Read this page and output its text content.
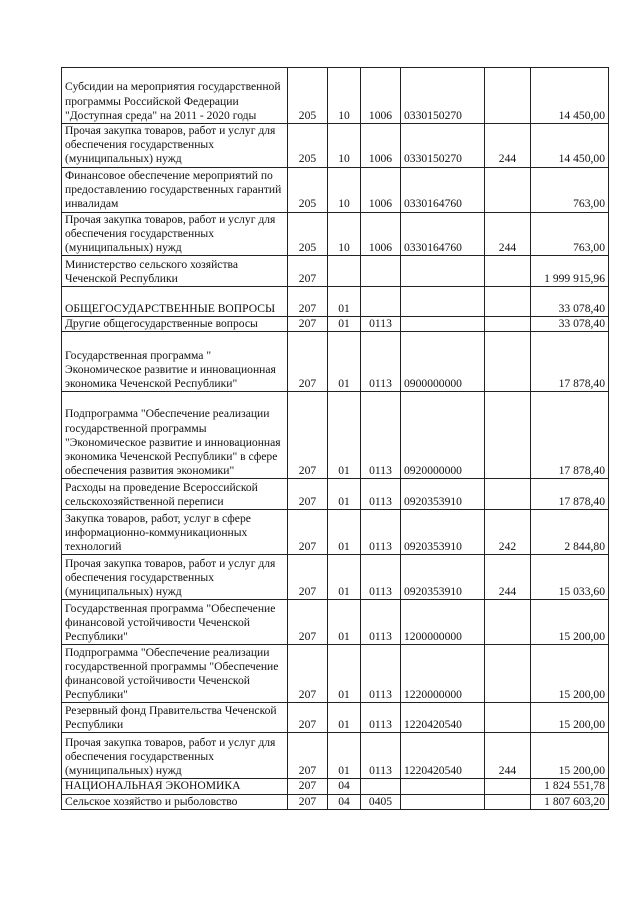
Субсидии на мероприятия государственной программы Российской Федерации "Доступная среда" на 2011 - 2020 годы	205	10	1006	0330150270		14 450,00
Прочая закупка товаров, работ и услуг для обеспечения государственных (муниципальных) нужд	205	10	1006	0330150270	244	14 450,00
Финансовое обеспечение мероприятий по предоставлению государственных гарантий инвалидам	205	10	1006	0330164760		763,00
Прочая закупка товаров, работ и услуг для обеспечения государственных (муниципальных) нужд	205	10	1006	0330164760	244	763,00
Министерство сельского хозяйства Чеченской Республики	207					1 999 915,96
ОБЩЕГОСУДАРСТВЕННЫЕ ВОПРОСЫ	207	01				33 078,40
Другие общегосударственные вопросы	207	01	0113			33 078,40
Государственная программа " Экономическое развитие и инновационная экономика Чеченской Республики"	207	01	0113	0900000000		17 878,40
Подпрограмма "Обеспечение реализации государственной программы "Экономическое развитие и инновационная экономика Чеченской Республики" в сфере обеспечения развития экономики"	207	01	0113	0920000000		17 878,40
Расходы на проведение Всероссийской сельскохозяйственной переписи	207	01	0113	0920353910		17 878,40
Закупка товаров, работ, услуг в сфере информационно-коммуникационных технологий	207	01	0113	0920353910	242	2 844,80
Прочая закупка товаров, работ и услуг для обеспечения государственных (муниципальных) нужд	207	01	0113	0920353910	244	15 033,60
Государственная программа "Обеспечение финансовой устойчивости Чеченской Республики"	207	01	0113	1200000000		15 200,00
Подпрограмма "Обеспечение реализации государственной программы "Обеспечение финансовой устойчивости Чеченской Республики"	207	01	0113	1220000000		15 200,00
Резервный фонд Правительства Чеченской Республики	207	01	0113	1220420540		15 200,00
Прочая закупка товаров, работ и услуг для обеспечения государственных (муниципальных) нужд	207	01	0113	1220420540	244	15 200,00
НАЦИОНАЛЬНАЯ ЭКОНОМИКА	207	04				1 824 551,78
Сельское хозяйство и рыболовство	207	04	0405			1 807 603,20
